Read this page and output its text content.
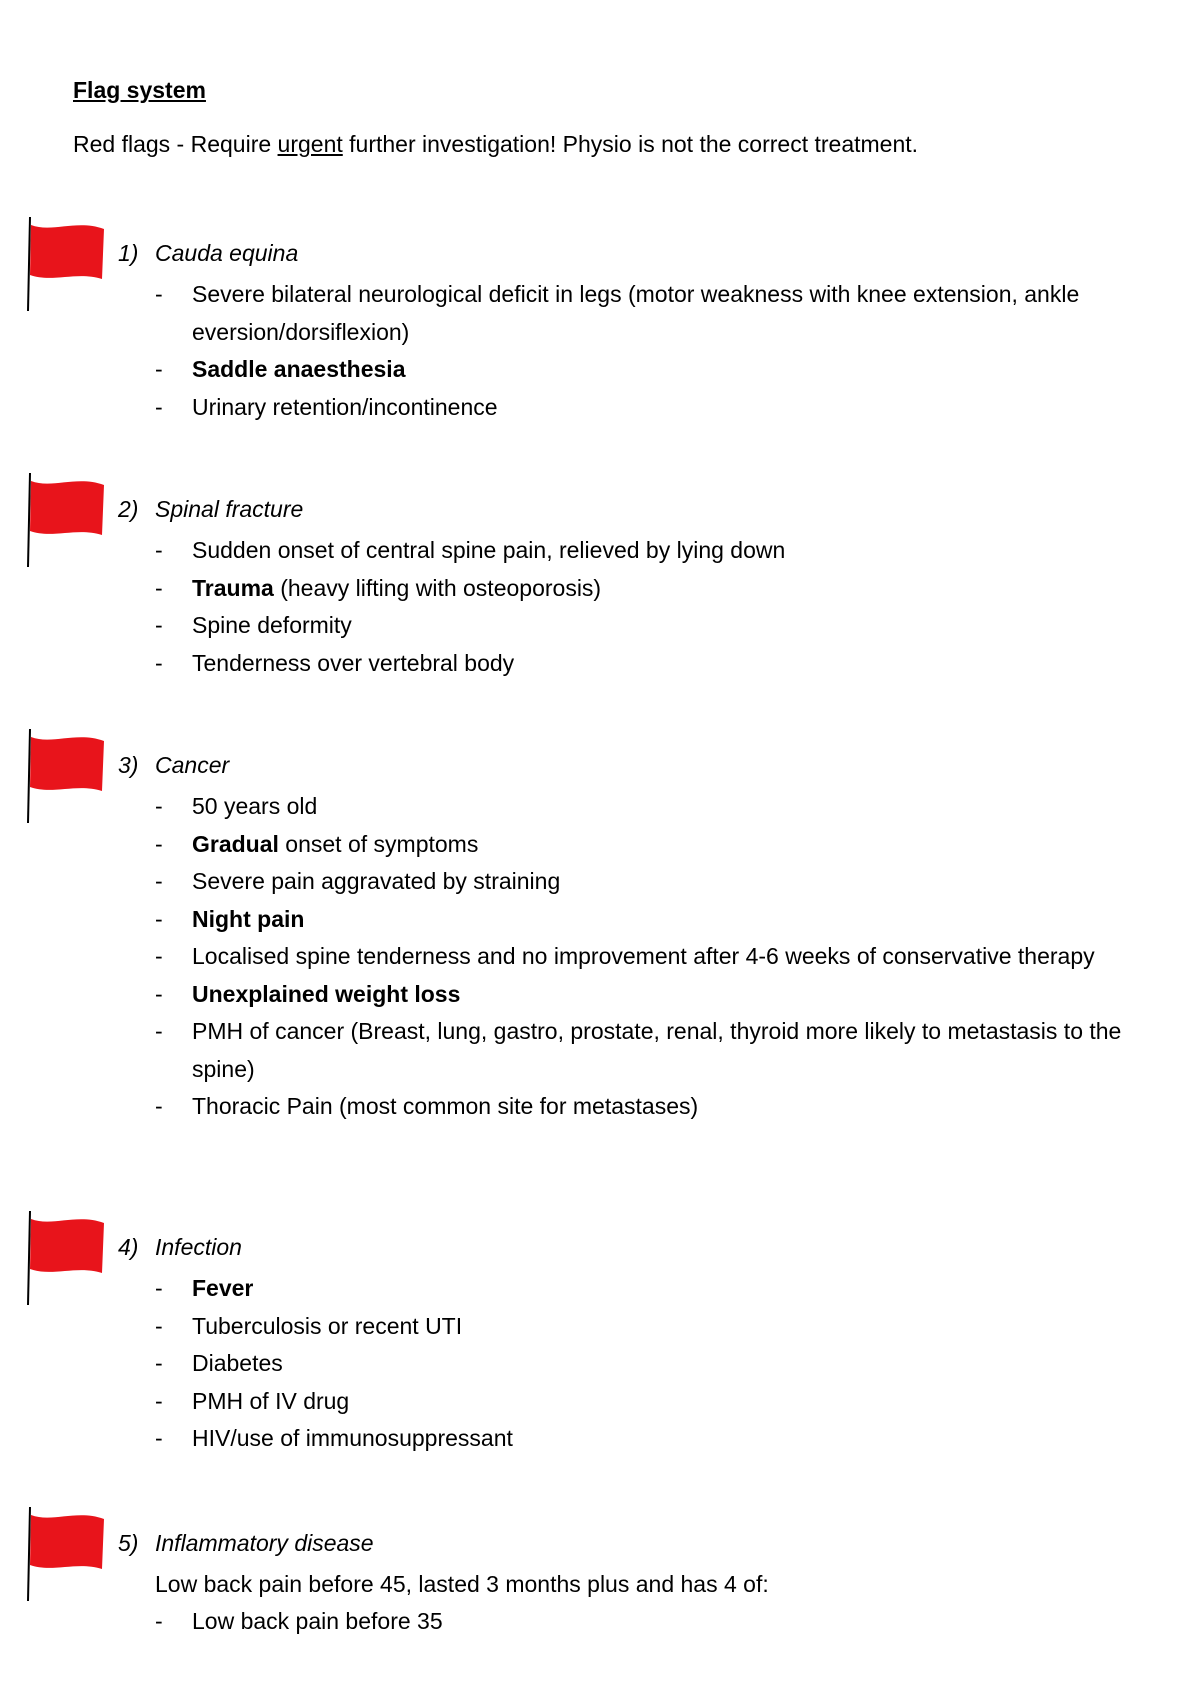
Flag system
Red flags - Require urgent further investigation! Physio is not the correct treatment.
1) Cauda equina
- Severe bilateral neurological deficit in legs (motor weakness with knee extension, ankle eversion/dorsiflexion)
- Saddle anaesthesia
- Urinary retention/incontinence
2) Spinal fracture
- Sudden onset of central spine pain, relieved by lying down
- Trauma (heavy lifting with osteoporosis)
- Spine deformity
- Tenderness over vertebral body
3) Cancer
- 50 years old
- Gradual onset of symptoms
- Severe pain aggravated by straining
- Night pain
- Localised spine tenderness and no improvement after 4-6 weeks of conservative therapy
- Unexplained weight loss
- PMH of cancer (Breast, lung, gastro, prostate, renal, thyroid more likely to metastasis to the spine)
- Thoracic Pain (most common site for metastases)
4) Infection
- Fever
- Tuberculosis or recent UTI
- Diabetes
- PMH of IV drug
- HIV/use of immunosuppressant
5) Inflammatory disease
Low back pain before 45, lasted 3 months plus and has 4 of:
- Low back pain before 35
